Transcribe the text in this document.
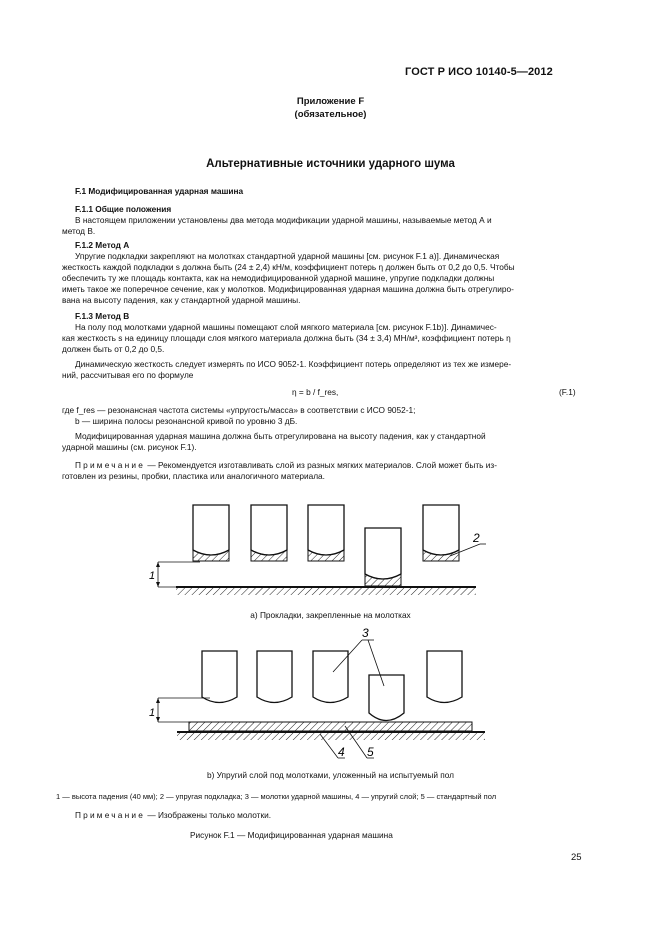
ГОСТ Р ИСО 10140-5—2012
Приложение F
(обязательное)
Альтернативные источники ударного шума
F.1 Модифицированная ударная машина
F.1.1 Общие положения
В настоящем приложении установлены два метода модификации ударной машины, называемые метод А и
метод В.
F.1.2 Метод А
Упругие подкладки закрепляют на молотках стандартной ударной машины [см. рисунок F.1 а)]. Динамическая
жесткость каждой подкладки s должна быть (24 ± 2,4) кН/м, коэффициент потерь η должен быть от 0,2 до 0,5. Чтобы
обеспечить ту же площадь контакта, как на немодифицированной ударной машине, упругие подкладки должны
иметь такое же поперечное сечение, как у молотков. Модифицированная ударная машина должна быть отрегулиро-
вана на высоту падения, как у стандартной ударной машины.
F.1.3 Метод В
На полу под молотками ударной машины помещают слой мягкого материала [см. рисунок F.1b)]. Динамичес-
кая жесткость s на единицу площади слоя мягкого материала должна быть (34 ± 3,4) МН/м³, коэффициент потерь η
должен быть от 0,2 до 0,5.
Динамическую жесткость следует измерять по ИСО 9052-1. Коэффициент потерь определяют из тех же измере-
ний, рассчитывая его по формуле
η = b / f_res,	(F.1)
где f_res — резонансная частота системы «упругость/масса» в соответствии с ИСО 9052-1;
b — ширина полосы резонансной кривой по уровню 3 дБ.
Модифицированная ударная машина должна быть отрегулирована на высоту падения, как у стандартной
ударной машины (см. рисунок F.1).
Примечание — Рекомендуется изготавливать слой из разных мягких материалов. Слой может быть из-
готовлен из резины, пробки, пластика или аналогичного материала.
1
2
а) Прокладки, закрепленные на молотках
1
3
4 5
b) Упругий слой под молотками, уложенный на испытуемый пол
1 — высота падения (40 мм); 2 — упругая подкладка; 3 — молотки ударной машины, 4 — упругий слой; 5 — стандартный пол
Примечание — Изображены только молотки.
Рисунок F.1 — Модифицированная ударная машина
25
